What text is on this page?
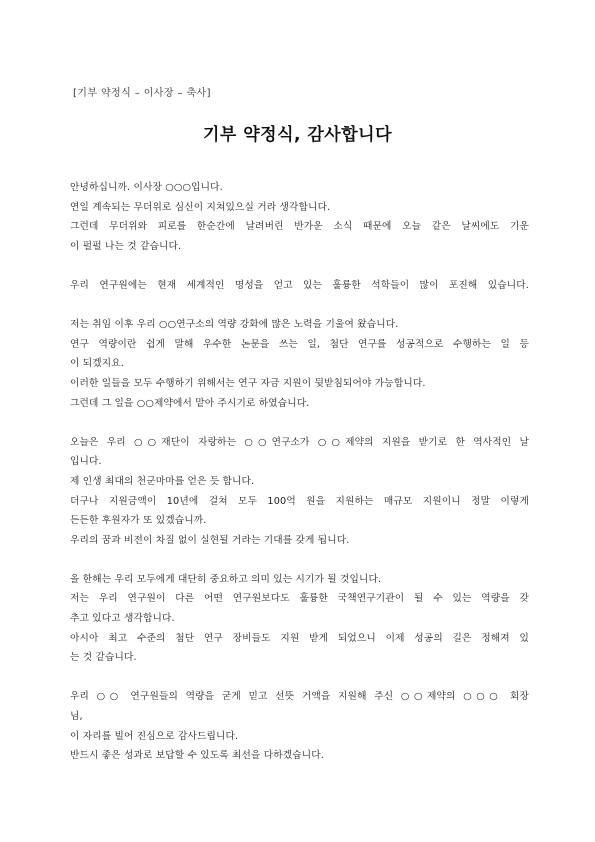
[기부 약정식 – 이사장 – 축사]
기부 약정식, 감사합니다
안녕하십니까. 이사장 ○○○입니다.
연일 계속되는 무더위로 심신이 지쳐있으실 거라 생각합니다.
그런데 무더위와 피로를 한순간에 날려버린 반가운 소식 때문에 오늘 같은 날씨에도 기운
이 펄펄 나는 것 같습니다.
우리 연구원에는 현재 세계적인 명성을 얻고 있는 훌륭한 석학들이 많이 포진해 있습니다.
저는 취임 이후 우리 ○○연구소의 역량 강화에 많은 노력을 기울여 왔습니다.
연구 역량이란 쉽게 말해 우수한 논문을 쓰는 일, 첨단 연구를 성공적으로 수행하는 일 등
이 되겠지요.
이러한 일들을 모두 수행하기 위해서는 연구 자금 지원이 뒷받침되어야 가능합니다.
그런데 그 일을 ○○제약에서 맡아 주시기로 하였습니다.
오늘은 우리 ○○재단이 자랑하는 ○○연구소가 ○○제약의 지원을 받기로 한 역사적인 날
입니다.
제 인생 최대의 천군마마를 얻은 듯 합니다.
더구나 지원금액이 10년에 걸쳐 모두 100억 원을 지원하는 매규모 지원이니 정말 이렇게
든든한 후원자가 또 있겠습니까.
우리의 꿈과 비전이 차질 없이 실현될 거라는 기대를 갖게 됩니다.
올 한해는 우리 모두에게 대단히 중요하고 의미 있는 시기가 될 것입니다.
저는 우리 연구원이 다른 어떤 연구원보다도 훌륭한 국책연구기관이 될 수 있는 역량을 갖
추고 있다고 생각합니다.
아시아 최고 수준의 첨단 연구 장비들도 지원 받게 되었으니 이제 성공의 길은 정해져 있
는 것 같습니다.
우리 ○○ 연구원들의 역량을 굳게 믿고 선뜻 거액을 지원해 주신 ○○제약의 ○○○ 회장
님,
이 자리를 빌어 진심으로 감사드립니다.
반드시 좋은 성과로 보답할 수 있도록 최선을 다하겠습니다.
